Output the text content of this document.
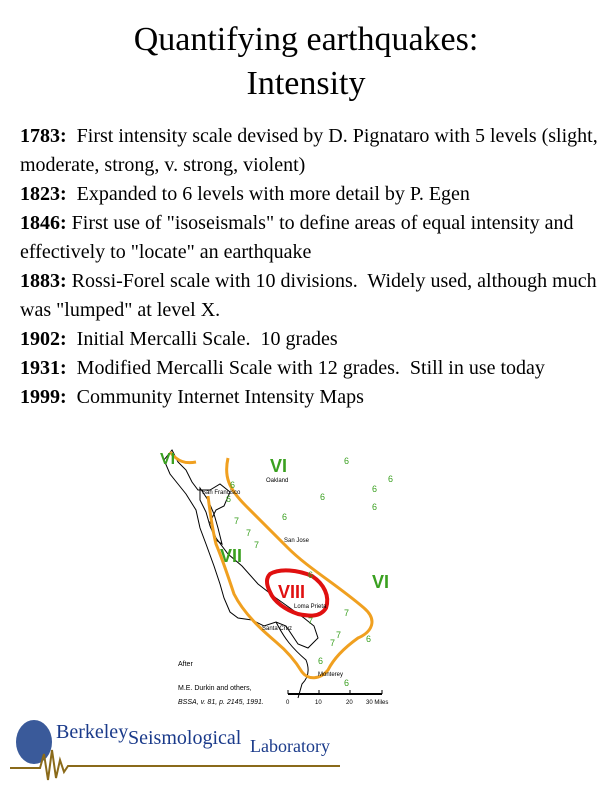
Quantifying earthquakes:
Intensity

1783:  First intensity scale devised by D. Pignataro with 5 levels (slight, moderate, strong, v. strong, violent)

1823:  Expanded to 6 levels with more detail by P. Egen

1846: First use of "isoseismals" to define areas of equal intensity and effectively to "locate" an earthquake

1883: Rossi-Forel scale with 10 divisions.  Widely used, although much was "lumped" at level X.

1902:  Initial Mercalli Scale.  10 grades

1931:  Modified Mercalli Scale with 12 grades.  Still in use today

1999:  Community Internet Intensity Maps

VI	VI
VII
VIII	VI
6
6
6
6
6
6
6
6
6
6
6
6
7
7
7
7
7
7
7
San Francisco
Oakland
San Jose
Loma Prieta
Santa Cruz
Monterey
After
M.E. Durkin and others,
BSSA, v. 81, p. 2145, 1991.	0	10	20 30 Miles
Berkeley Seismological Laboratory
